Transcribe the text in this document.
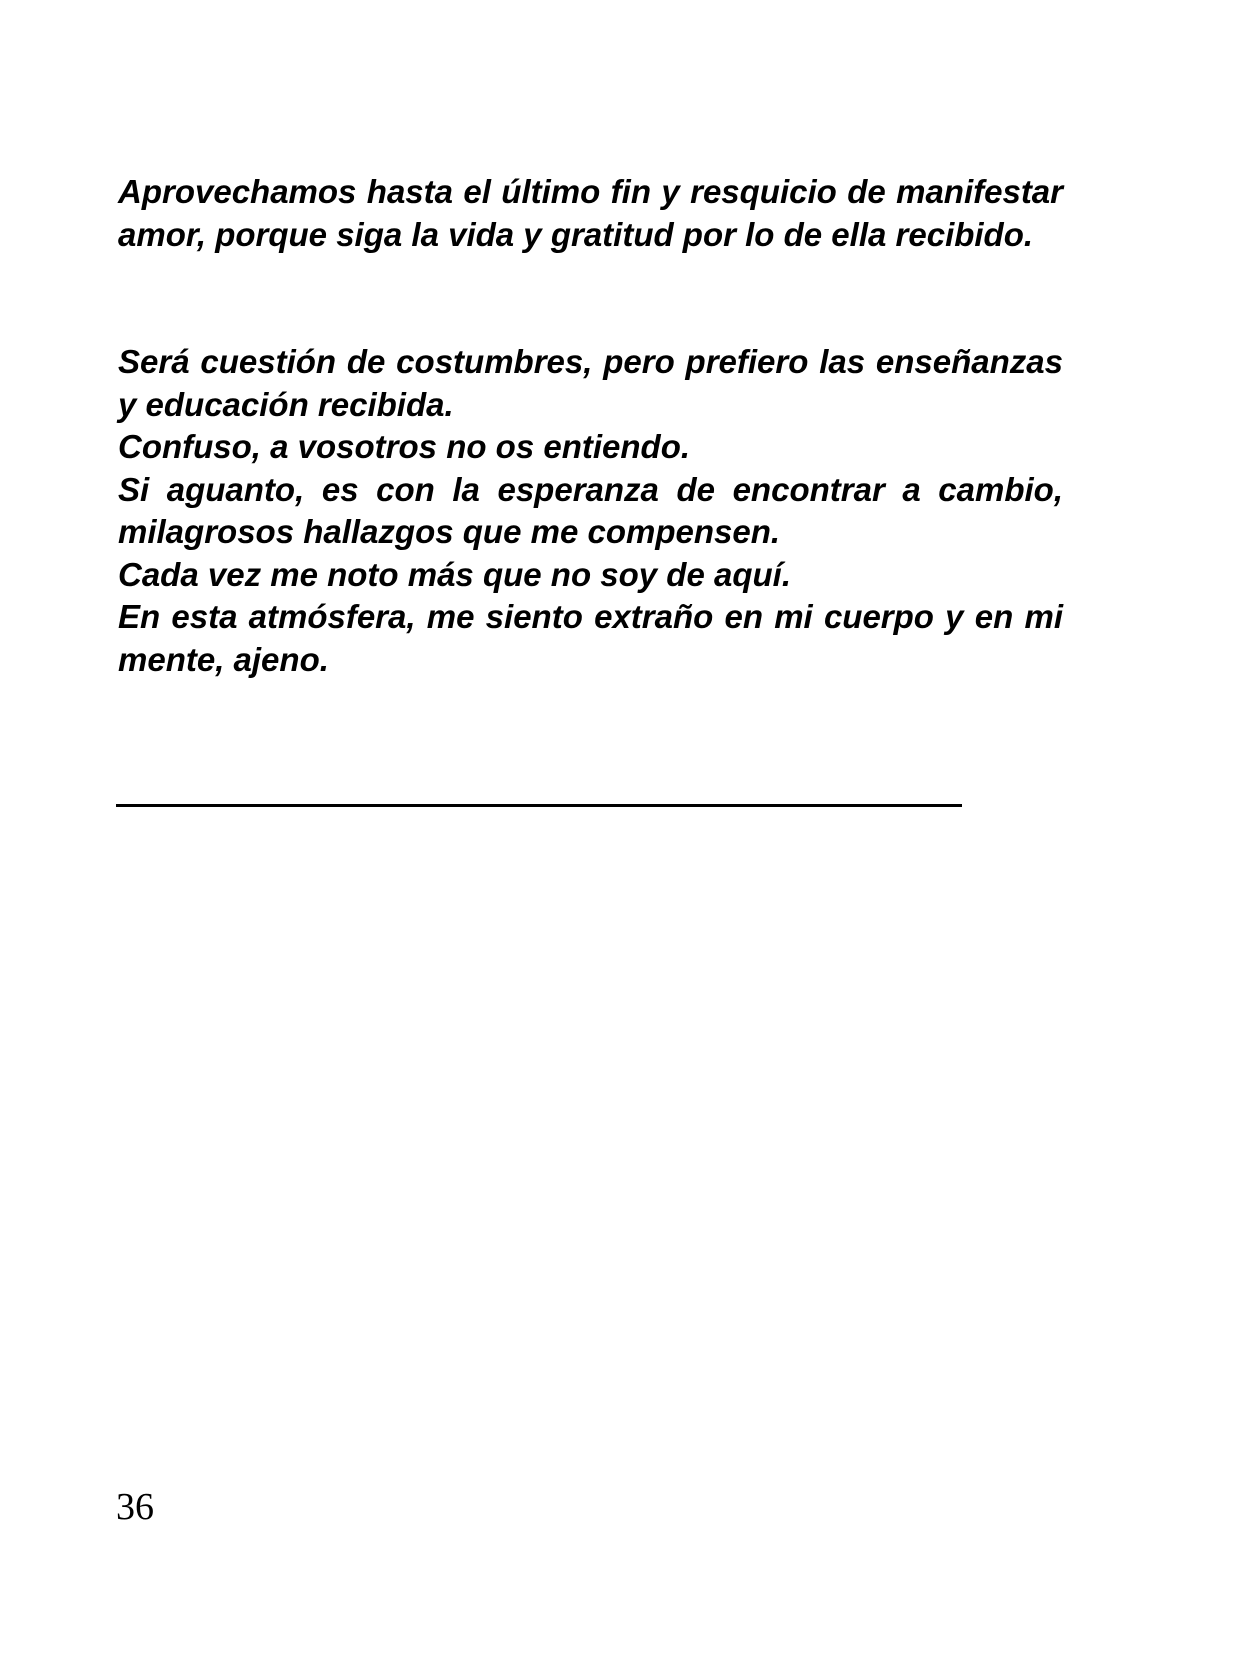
Aprovechamos hasta el último fin y resquicio de manifestar amor, porque siga la vida y gratitud por lo de ella recibido.

Será cuestión de costumbres, pero prefiero las enseñanzas y educación recibida.

Confuso, a vosotros no os entiendo.

Si aguanto, es con la esperanza de encontrar a cambio, milagrosos hallazgos que me compensen.

Cada vez me noto más que no soy de aquí.

En esta atmósfera, me siento extraño en mi cuerpo y en mi mente, ajeno.

36
